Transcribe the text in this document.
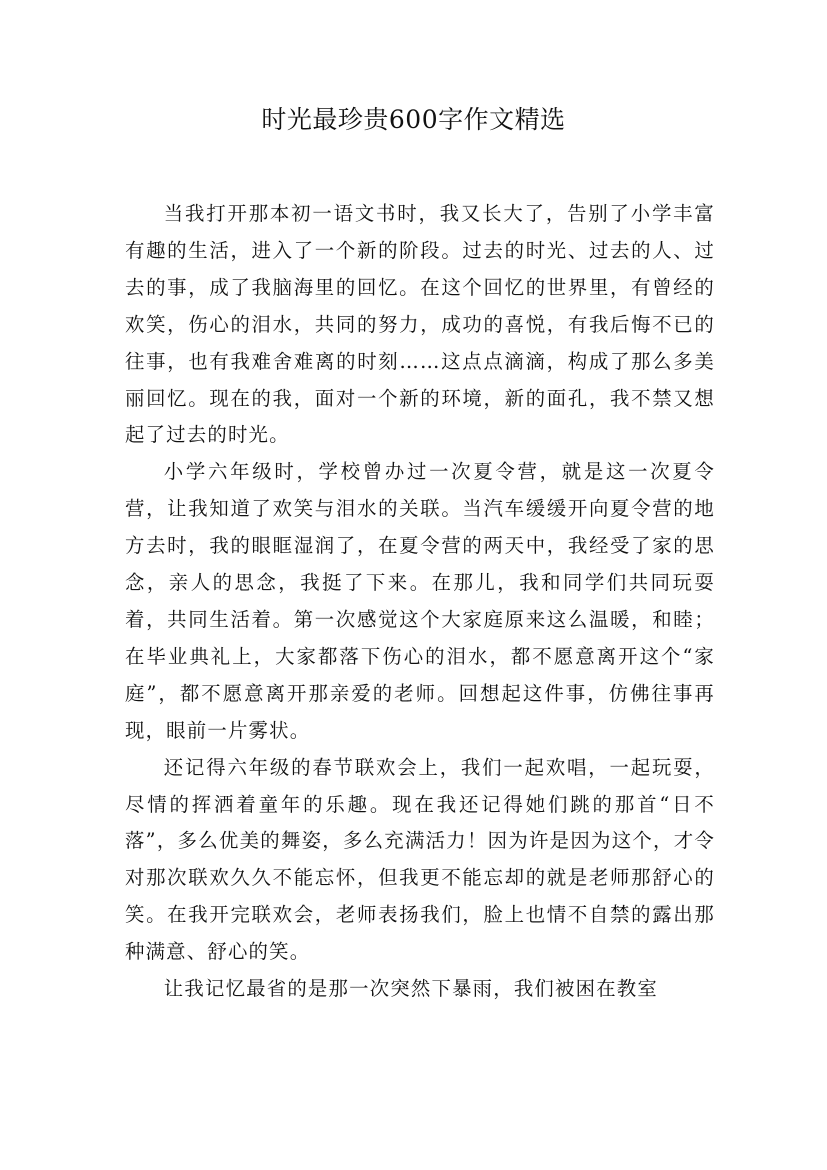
时光最珍贵600字作文精选

当我打开那本初一语文书时，我又长大了，告别了小学丰富有趣的生活，进入了一个新的阶段。过去的时光、过去的人、过去的事，成了我脑海里的回忆。在这个回忆的世界里，有曾经的欢笑，伤心的泪水，共同的努力，成功的喜悦，有我后悔不已的往事，也有我难舍难离的时刻……这点点滴滴，构成了那么多美丽回忆。现在的我，面对一个新的环境，新的面孔，我不禁又想起了过去的时光。

小学六年级时，学校曾办过一次夏令营，就是这一次夏令营，让我知道了欢笑与泪水的关联。当汽车缓缓开向夏令营的地方去时，我的眼眶湿润了，在夏令营的两天中，我经受了家的思念，亲人的思念，我挺了下来。在那儿，我和同学们共同玩耍着，共同生活着。第一次感觉这个大家庭原来这么温暖，和睦；在毕业典礼上，大家都落下伤心的泪水，都不愿意离开这个“家庭”，都不愿意离开那亲爱的老师。回想起这件事，仿佛往事再现，眼前一片雾状。

还记得六年级的春节联欢会上，我们一起欢唱，一起玩耍，尽情的挥洒着童年的乐趣。现在我还记得她们跳的那首“日不落”，多么优美的舞姿，多么充满活力！因为许是因为这个，才令对那次联欢久久不能忘怀，但我更不能忘却的就是老师那舒心的笑。在我开完联欢会，老师表扬我们，脸上也情不自禁的露出那种满意、舒心的笑。

让我记忆最省的是那一次突然下暴雨，我们被困在教室
